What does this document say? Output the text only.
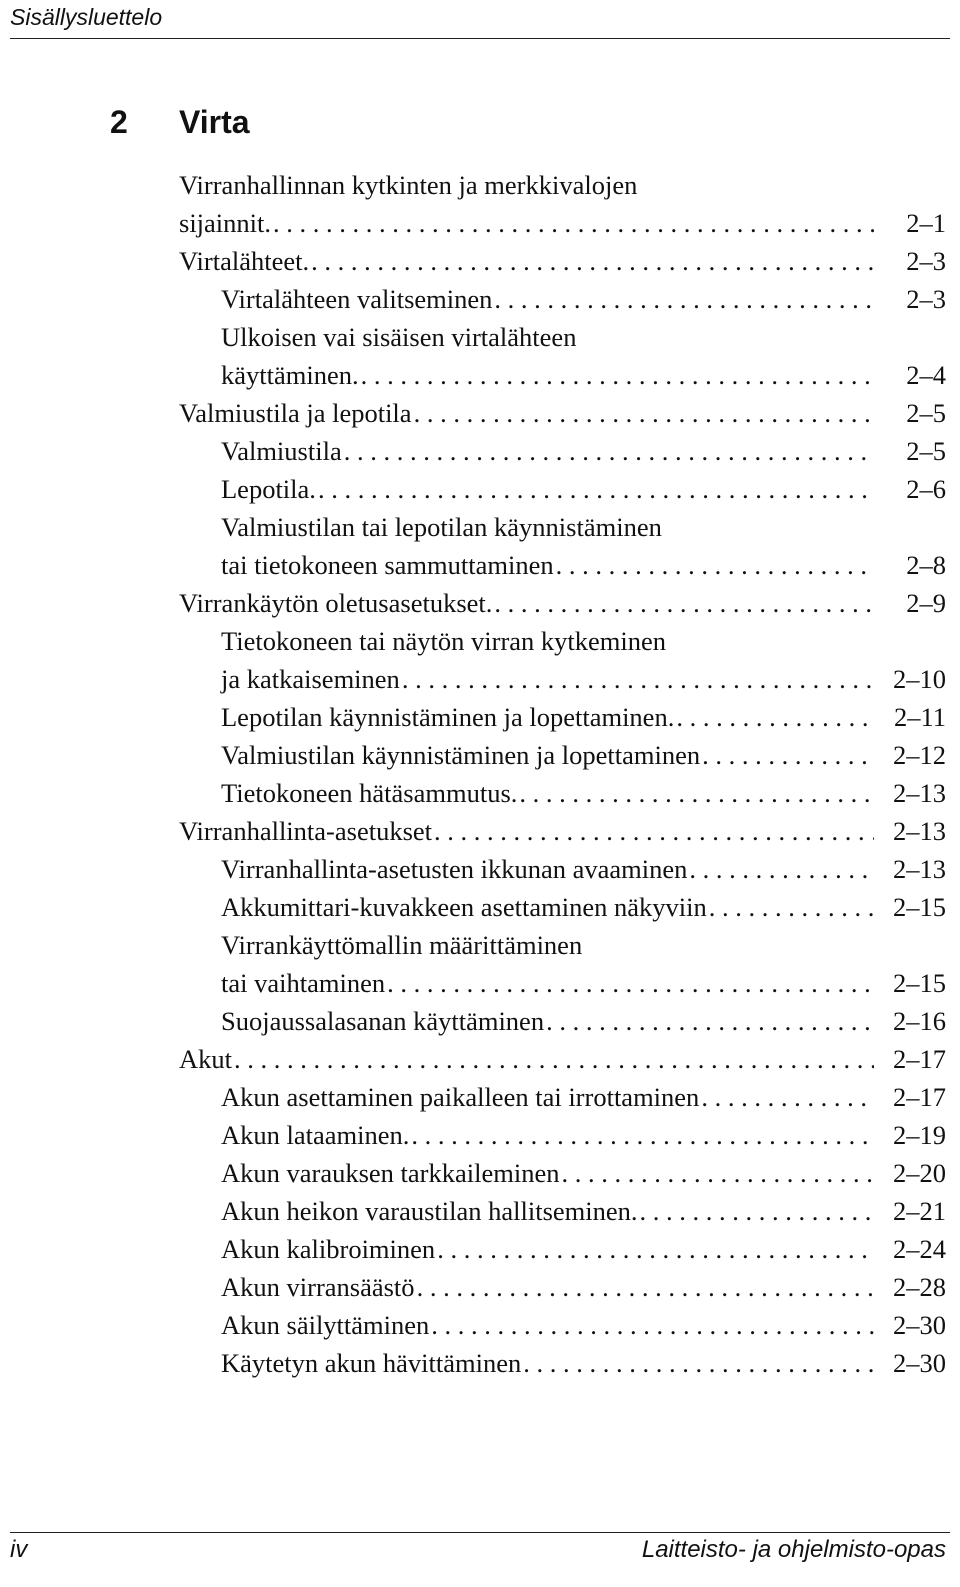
Sisällysluettelo
2 Virta
Virranhallinnan kytkinten ja merkkivalojen
sijainnit. . . .	2–1
Virtalähteet. . . .	2–3
Virtalähteen valitseminen . . .	2–3
Ulkoisen vai sisäisen virtalähteen
käyttäminen. . . .	2–4
Valmiustila ja lepotila . . .	2–5
Valmiustila . . .	2–5
Lepotila. . . .	2–6
Valmiustilan tai lepotilan käynnistäminen
tai tietokoneen sammuttaminen . . .	2–8
Virrankäytön oletusasetukset. . . .	2–9
Tietokoneen tai näytön virran kytkeminen
ja katkaiseminen . . .	2–10
Lepotilan käynnistäminen ja lopettaminen. . . .	2–11
Valmiustilan käynnistäminen ja lopettaminen . . .	2–12
Tietokoneen hätäsammutus. . . .	2–13
Virranhallinta-asetukset . . .	2–13
Virranhallinta-asetusten ikkunan avaaminen . . .	2–13
Akkumittari-kuvakkeen asettaminen näkyviin . . .	2–15
Virrankäyttömallin määrittäminen
tai vaihtaminen . . .	2–15
Suojaussalasanan käyttäminen . . .	2–16
Akut . . .	2–17
Akun asettaminen paikalleen tai irrottaminen . . .	2–17
Akun lataaminen. . . .	2–19
Akun varauksen tarkkaileminen . . .	2–20
Akun heikon varaustilan hallitseminen. . . .	2–21
Akun kalibroiminen . . .	2–24
Akun virransäästö . . .	2–28
Akun säilyttäminen . . .	2–30
Käytetyn akun hävittäminen . . .	2–30
iv	Laitteisto- ja ohjelmisto-opas
